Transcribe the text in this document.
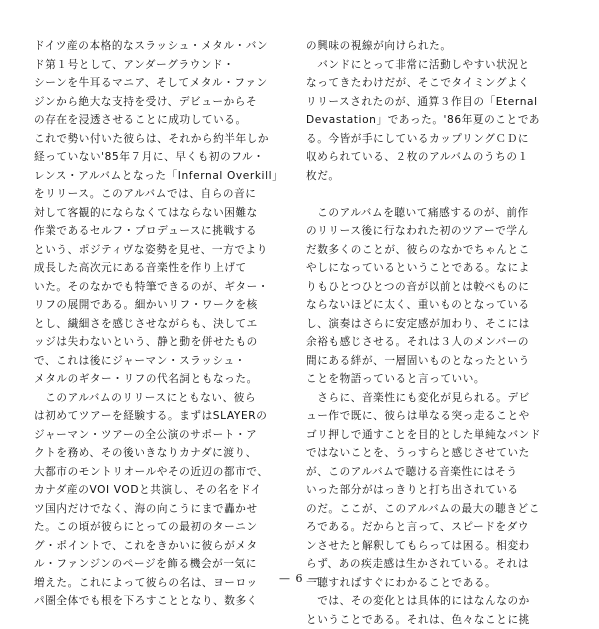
ドイツ産の本格的なスラッシュ・メタル・バン
ド第１号として、アンダーグラウンド・
シーンを牛耳るマニア、そしてメタル・ファン
ジンから絶大な支持を受け、デビューからそ
の存在を浸透させることに成功している。
これで勢い付いた彼らは、それから約半年しか
経っていない'85年７月に、早くも初のフル・
レンス・アルバムとなった「Infernal Overkill」
をリリース。このアルバムでは、自らの音に
対して客観的にならなくてはならない困難な
作業であるセルフ・プロデュースに挑戦する
という、ポジティヴな姿勢を見せ、一方でより
成長した高次元にある音楽性を作り上げて
いた。そのなかでも特筆できるのが、ギター・
リフの展開である。細かいリフ・ワークを核
とし、繊細さを感じさせながらも、決してエ
ッジは失わないという、静と動を併せたもの
で、これは後にジャーマン・スラッシュ・
メタルのギター・リフの代名詞ともなった。
　このアルバムのリリースにともない、彼ら
は初めてツアーを経験する。まずはSLAYERの
ジャーマン・ツアーの全公演のサポート・ア
クトを務め、その後いきなりカナダに渡り、
大都市のモントリオールやその近辺の都市で、
カナダ産のVOI VODと共演し、その名をドイ
ツ国内だけでなく、海の向こうにまで轟かせ
た。この頃が彼らにとっての最初のターニン
グ・ポイントで、これをきかいに彼らがメタ
ル・ファンジンのページを飾る機会が一気に
増えた。これによって彼らの名は、ヨーロッ
パ圏全体でも根を下ろすこととなり、数多く
の興味の視線が向けられた。
　バンドにとって非常に活動しやすい状況と
なってきたわけだが、そこでタイミングよく
リリースされたのが、通算３作目の「Eternal
Devastation」であった。'86年夏のことであ
る。今皆が手にしているカップリングＣＤに
収められている、２枚のアルバムのうちの１
枚だ。
　このアルバムを聴いて痛感するのが、前作
のリリース後に行なわれた初のツアーで学ん
だ数多くのことが、彼らのなかでちゃんとこ
やしになっているということである。なによ
りもひとつひとつの音が以前とは較べものに
ならないほどに太く、重いものとなっている
し、演奏はさらに安定感が加わり、そこには
余裕も感じさせる。それは３人のメンバーの
間にある絆が、一層固いものとなったという
ことを物語っていると言っていい。
　さらに、音楽性にも変化が見られる。デビ
ュー作で既に、彼らは単なる突っ走ることや
ゴリ押しで通すことを目的とした単純なバンド
ではないことを、うっすらと感じさせていた
が、このアルバムで聴ける音楽性にはそう
いった部分がはっきりと打ち出されている
のだ。ここが、このアルバムの最大の聴きどこ
ろである。だからと言って、スピードをダウ
ンさせたと解釈してもらっては困る。相変わ
らず、あの疾走感は生かされている。それは
一聴すればすぐにわかることである。
　では、その変化とは具体的にはなんなのか
ということである。それは、色々なことに挑
— 6 —
